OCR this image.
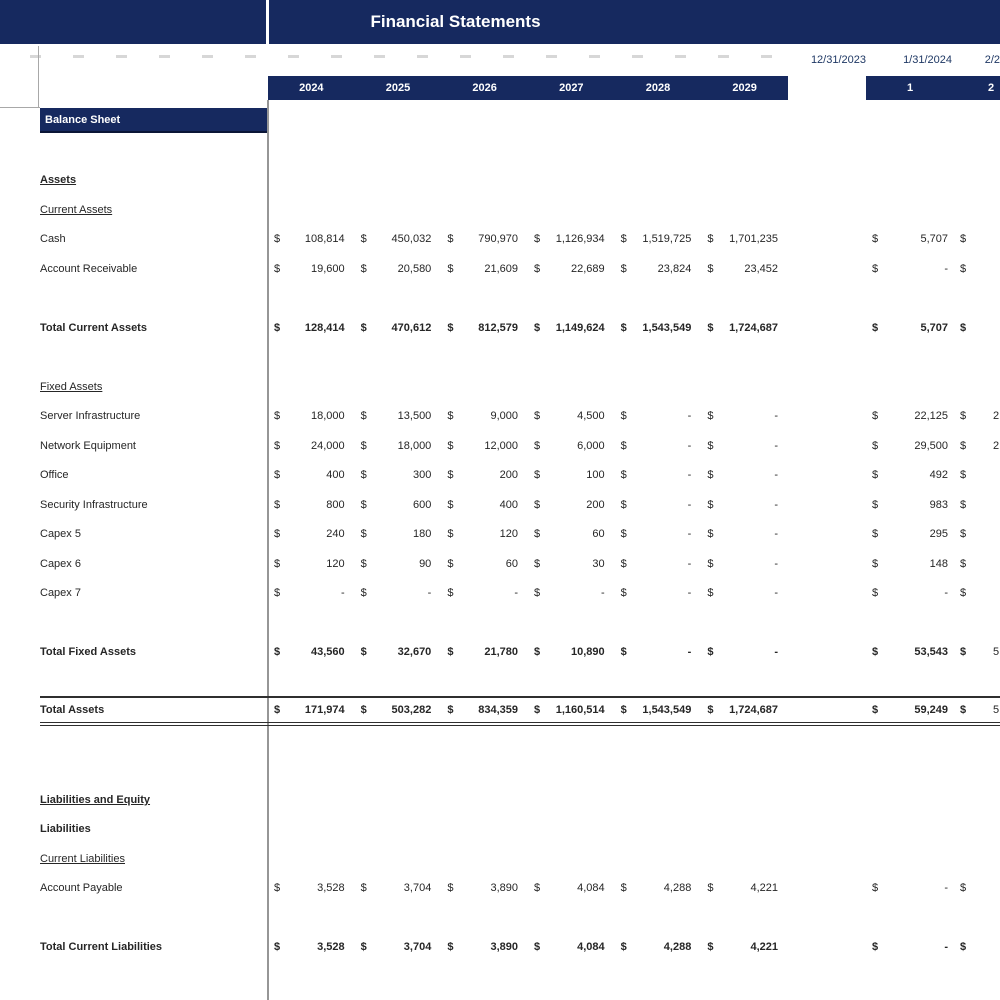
Financial Statements
12/31/2023	1/31/2024	2/2
2024	2025	2026	2027	2028	2029	1	2
Balance Sheet
Assets
Current Assets
Cash	$	108,814	$	450,032	$	790,970	$	1,126,934	$	1,519,725	$	1,701,235	$	5,707	$
Account Receivable	$	19,600	$	20,580	$	21,609	$	22,689	$	23,824	$	23,452	$	-	$
Total Current Assets	$	128,414	$	470,612	$	812,579	$	1,149,624	$	1,543,549	$	1,724,687	$	5,707	$
Fixed Assets
Server Infrastructure	$	18,000	$	13,500	$	9,000	$	4,500	$	-	$	-	$	22,125	$ 2
Network Equipment	$	24,000	$	18,000	$	12,000	$	6,000	$	-	$	-	$	29,500	$ 2
Office	$	400	$	300	$	200	$	100	$	-	$	-	$	492	$
Security Infrastructure	$	800	$	600	$	400	$	200	$	-	$	-	$	983	$
Capex 5	$	240	$	180	$	120	$	60	$	-	$	-	$	295	$
Capex 6	$	120	$	90	$	60	$	30	$	-	$	-	$	148	$
Capex 7	$	-	$	-	$	-	$	-	$	-	$	-	$	-	$
Total Fixed Assets	$	43,560	$	32,670	$	21,780	$	10,890	$	-	$	-	$	53,543	$ 5
Total Assets	$	171,974	$	503,282	$	834,359	$	1,160,514	$	1,543,549	$	1,724,687	$	59,249	$ 5
Liabilities and Equity
Liabilities
Current Liabilities
Account Payable	$	3,528	$	3,704	$	3,890	$	4,084	$	4,288	$	4,221	$	-	$
Total Current Liabilities	$	3,528	$	3,704	$	3,890	$	4,084	$	4,288	$	4,221	$	-	$
